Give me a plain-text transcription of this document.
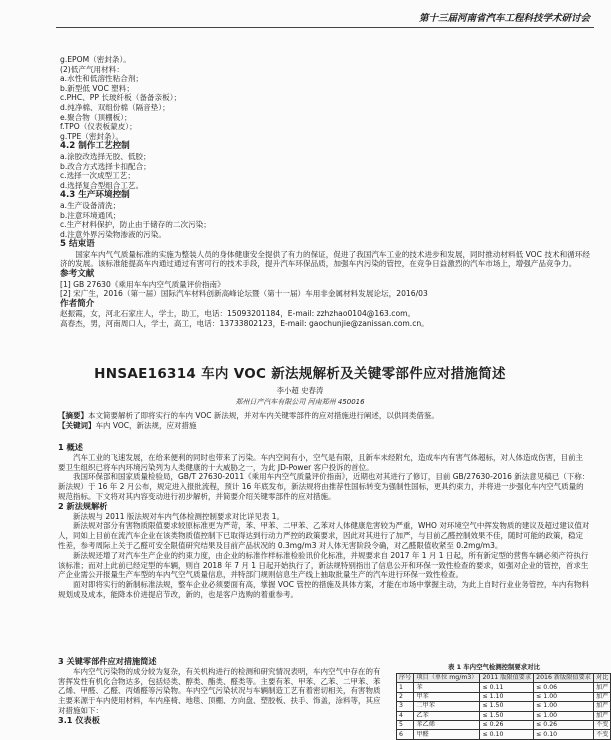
第十三届河南省汽车工程科技学术研讨会

g.EPOM（密封条）。

(2)低产气用材料：

a.水性和低溶性粘合剂；

b.新型低 VOC 塑料；

c.PHC、PP 长玻纤板（备备亲板）；

d.纯净棉、双组份棉（隔音垫）；

e.聚合物（顶棚板）；

f.TPO（仪表板蒙皮）；

g.TPE（密封条）。

4.2 制作工艺控制

a.涂胶改选择无胶、低胶；

b.改合方式选择卡扣配合；

c.选择一次成型工艺；

d.选择复合型组合工艺。

4.3 生产环境控制

a.生产设备清洗；

b.注意环境通风；

c.生产材料保护，防止由于储存的二次污染；

d.注意外界污染物渗液的污染。

5 结束语

国家车内气气质量标准的实施为整装人员的身体健康安全提供了有力的保证，促进了我国汽车工业的技术进步和发展，同时推动材料低 VOC 技术和循环经济的发展。该标准能提高车内通过通过有害可行的技术手段，提升汽车环保品质，加强车内污染的管控，在竞争日益激烈的汽车市场上，增强产品竞争力。

参考文献

[1] GB 27630《乘用车车内空气质量评价指南》

[2] 宋广生，2016（第一届）国际汽车材料创新高峰论坛暨（第十一届）车用非金属材料发展论坛，2016/03

作者简介

赵振霞，女，河北石家庄人，学士，助工，电话：15093201184，E-mail: zzhzhao0104@163.com。

高春杰，男，河南周口人，学士，高工，电话：13733802123，E-mail: gaochunjie@zanissan.com.cn。

HNSAE16314 车内 VOC 新法规解析及关键零部件应对措施简述
李小超 史春涛
郑州日产汽车有限公司 河南郑州 450016

【摘要】本文简要解析了即将实行的车内 VOC 新法规，并对车内关键零部件的应对措施进行阐述，以供同类借鉴。

【关键词】车内 VOC，新法规，应对措施

1 概述

汽车工业的飞速发展，在给来便利的同时也带来了污染。车内空间有小，空气是有限，且新车未经附允，造成车内有害气体超标，对人体造成伤害，目前主要卫生组织已将车内环境污染列为人类健康的十大威胁之一，为此 JD-Power 客户投诉的首位。

我国环保部和国家质量检验局，GB/T 27630-2011《乘用车内空气质量评价指南》，近期也对其进行了修订，目前 GB/27630-2016 新法意见稿已（下称：新法规）于 16 年 2 月公布，规定进入报批流程，预计 16 年底发布，新法规将由推荐性国标转变为强制性国标，更具约束力，并将进一步强化车内空气质量的规范指标。下文将对其内容变动进行初步解析，并简要介绍关键零部件的应对措施。

2 新法规解析

新法规与 2011 版法规对车内气体检测控制要求对比详见表 1。

新法规对部分有害物质限值要求较原标准更为严苛，苯、甲苯、二甲苯、乙苯对人体健康危害较为严重，WHO 对环境空气中挥发物质的建议及超过建议值对人，同如上目前在流汽车企业在该类物质值控制下已取得达到行动力严控的政策要求，因此对其进行了加严，与目前乙醛控制效果不佳，随时可能的政策，稳定性差，参考周际上关于乙醛可安全限值研究结果及目前产品状况的 0.3mg/m3 对人体无害阶段令确，对乙醛限值收紧至 0.2mg/m3。

新法规还增了对汽车生产企业的约束力度，由企业的标准作样标准检验讯价化标准，并规要求自 2017 年 1 月 1 日起，所有新定型的营售车辆必须产符执行该标准；而对上此前已经定型的车辆，则自 2018 年 7 月 1 日起开始执行了，新法规特别指出了信息公开和环保一致性检查的要求，如强对企业的管控，首求生产企业需公开报量生产车型的车内气空气质量信息，并特部门规则信息生产线上抽取批量生产的汽车进行环保一致性检查。

面对即将实行的新制标准法规，整车企业必须要面有高，掌握 VOC 管控的措施及具体方案，才能在市场中掌握主动，为此上自时行业业务管控，车内有物料规划成及成本，能降本价进提启节改，新的，也是客户选购的着重参考。

3 关键零部件应对措施简述

车内空气污染物的成分较为复杂，有关机构进行的检测和研究情况表明，车内空气中存在的有害挥发性有机化合物达多，包括烃类、醇类、酯类、醛类等。主要有苯、甲苯、乙苯、二甲苯、苯乙烯、甲醛、乙醛、丙烯醛等污染物。车内空气污染状况与车辆制造工艺有着密切相关，有害物质主要来源于车内使用材料，车内座椅、地毯、顶棚、方向盘、塑胶板、扶手、饰盖，涂料等，其应对措施如下：

3.1 仪表板

表 1 车内空气检测控制要求对比
序号	项目（单位 mg/m3）	2011 版限值要求	2016 新版限值要求	对比
1	苯	≤ 0.11	≤ 0.06	加严
2	甲苯	≤ 1.10	≤ 1.00	加严
3	二甲苯	≤ 1.50	≤ 1.00	加严
4	乙苯	≤ 1.50	≤ 1.00	加严
5	苯乙烯	≤ 0.26	≤ 0.26	不变
6	甲醛	≤ 0.10	≤ 0.10	不变
